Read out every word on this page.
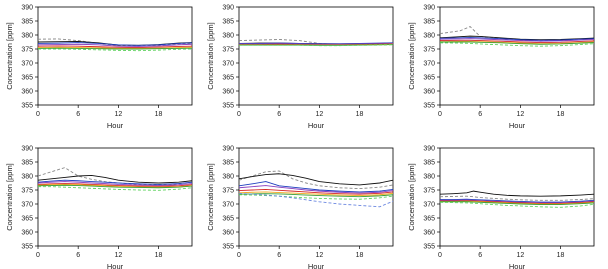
355
360
365
370
375
380
385
390
0	6	12	18
Hour
Concentration [ppm]
355
360
365
370
375
380
385
390
0	6	12	18
Hour
Concentration [ppm]
355
360
365
370
375
380
385
390
0	6	12	18
Hour
Concentration [ppm]
355
360
365
370
375
380
385
390
0	6	12	18
Hour
Concentration [ppm]
355
360
365
370
375
380
385
390
0	6	12	18
Hour
Concentration [ppm]
355
360
365
370
375
380
385
390
0	6	12	18
Hour
Concentration [ppm]
